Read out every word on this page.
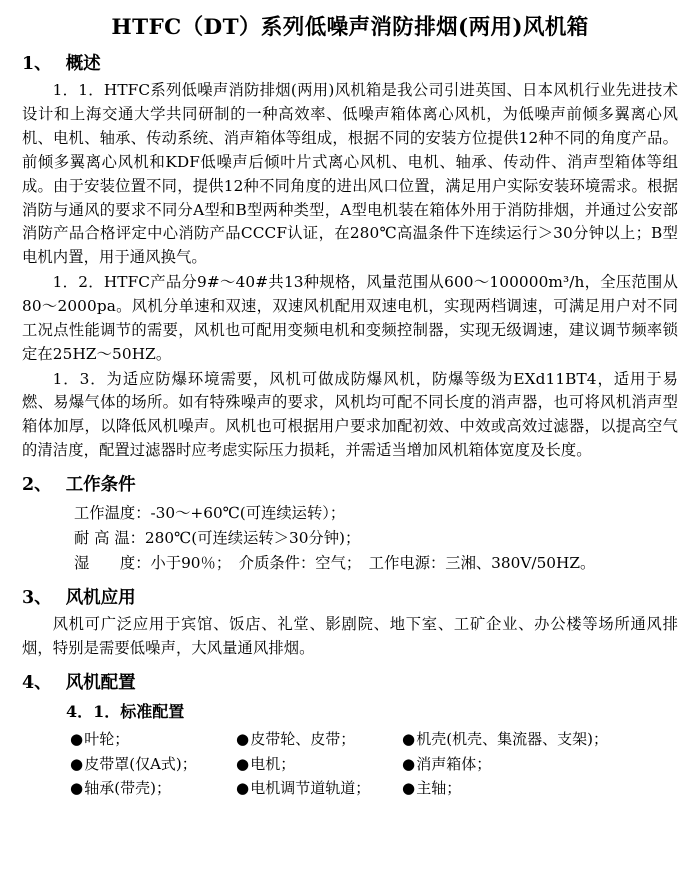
HTFC（DT）系列低噪声消防排烟(两用)风机箱
1、 概述

1．1．HTFC系列低噪声消防排烟(两用)风机箱是我公司引进英国、日本风机行业先进技术设计和上海交通大学共同研制的一种高效率、低噪声箱体离心风机，为低噪声前倾多翼离心风机、电机、轴承、传动系统、消声箱体等组成，根据不同的安装方位提供12种不同的角度产品。前倾多翼离心风机和KDF低噪声后倾叶片式离心风机、电机、轴承、传动件、消声型箱体等组成。由于安装位置不同，提供12种不同角度的进出风口位置，满足用户实际安装环境需求。根据消防与通风的要求不同分A型和B型两种类型，A型电机装在箱体外用于消防排烟，并通过公安部消防产品合格评定中心消防产品CCCF认证，在280℃高温条件下连续运行＞30分钟以上；B型电机内置，用于通风换气。

1．2．HTFC产品分9#～40#共13种规格，风量范围从600～100000m³/h，全压范围从80～2000pa。风机分单速和双速，双速风机配用双速电机，实现两档调速，可满足用户对不同工况点性能调节的需要，风机也可配用变频电机和变频控制器，实现无级调速，建议调节频率锁定在25HZ～50HZ。

1．3．为适应防爆环境需要，风机可做成防爆风机，防爆等级为EXd11BT4，适用于易燃、易爆气体的场所。如有特殊噪声的要求，风机均可配不同长度的消声器，也可将风机消声型箱体加厚，以降低风机噪声。风机也可根据用户要求加配初效、中效或高效过滤器，以提高空气的清洁度，配置过滤器时应考虑实际压力损耗，并需适当增加风机箱体宽度及长度。

2、 工作条件
工作温度：-30～+60℃(可连续运转）；
耐 高 温：280℃(可连续运转＞30分钟)；
湿　　度：小于90％；　介质条件：空气；　工作电源：三湘、380V/50HZ。
3、 风机应用

风机可广泛应用于宾馆、饭店、礼堂、影剧院、地下室、工矿企业、办公楼等场所通风排烟，特别是需要低噪声，大风量通风排烟。

4、 风机配置
4．1．标准配置
●叶轮；	●皮带轮、皮带；	●机壳(机壳、集流器、支架)；
●皮带罩(仅A式)；	●电机；	●消声箱体；
●轴承(带壳)；	●电机调节道轨道；	●主轴；
